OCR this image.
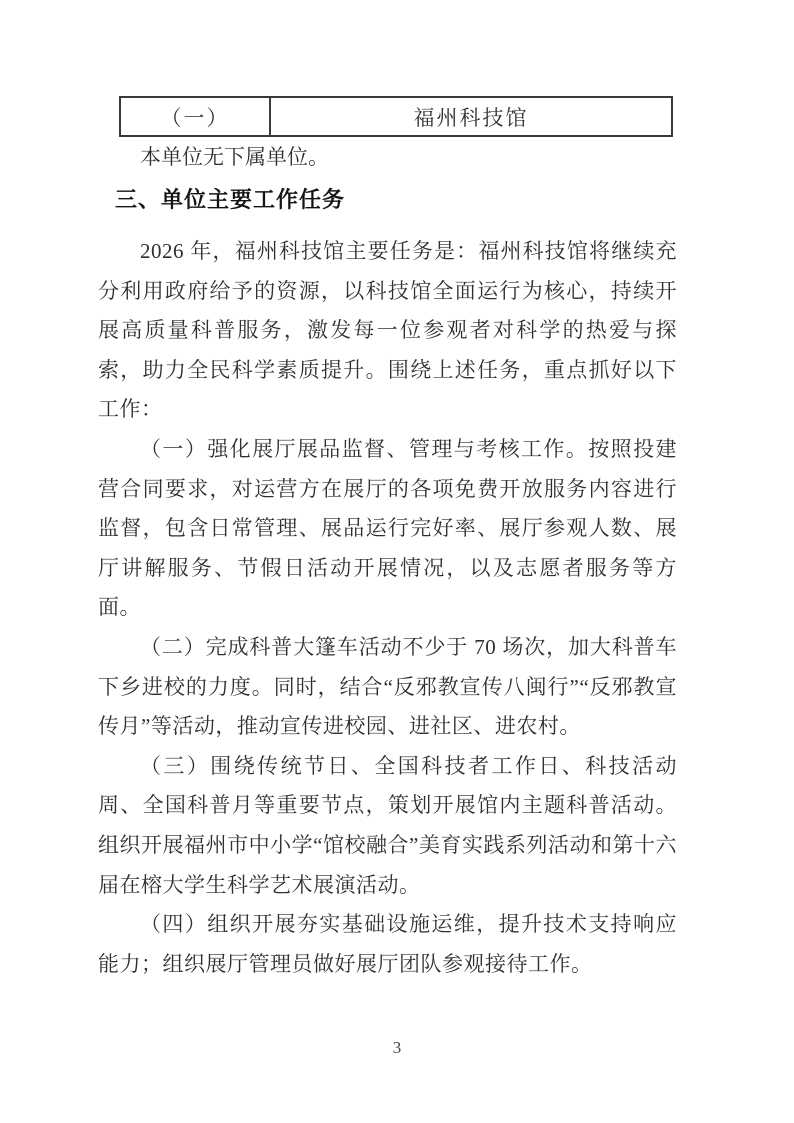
（一）	福州科技馆

本单位无下属单位。

三、单位主要工作任务

2026 年，福州科技馆主要任务是：福州科技馆将继续充分利用政府给予的资源，以科技馆全面运行为核心，持续开展高质量科普服务，激发每一位参观者对科学的热爱与探索，助力全民科学素质提升。围绕上述任务，重点抓好以下工作：

（一）强化展厅展品监督、管理与考核工作。按照投建营合同要求，对运营方在展厅的各项免费开放服务内容进行监督，包含日常管理、展品运行完好率、展厅参观人数、展厅讲解服务、节假日活动开展情况，以及志愿者服务等方面。

（二）完成科普大篷车活动不少于 70 场次，加大科普车下乡进校的力度。同时，结合“反邪教宣传八闽行”“反邪教宣传月”等活动，推动宣传进校园、进社区、进农村。

（三）围绕传统节日、全国科技者工作日、科技活动周、全国科普月等重要节点，策划开展馆内主题科普活动。组织开展福州市中小学“馆校融合”美育实践系列活动和第十六届在榕大学生科学艺术展演活动。

（四）组织开展夯实基础设施运维，提升技术支持响应能力；组织展厅管理员做好展厅团队参观接待工作。

3
